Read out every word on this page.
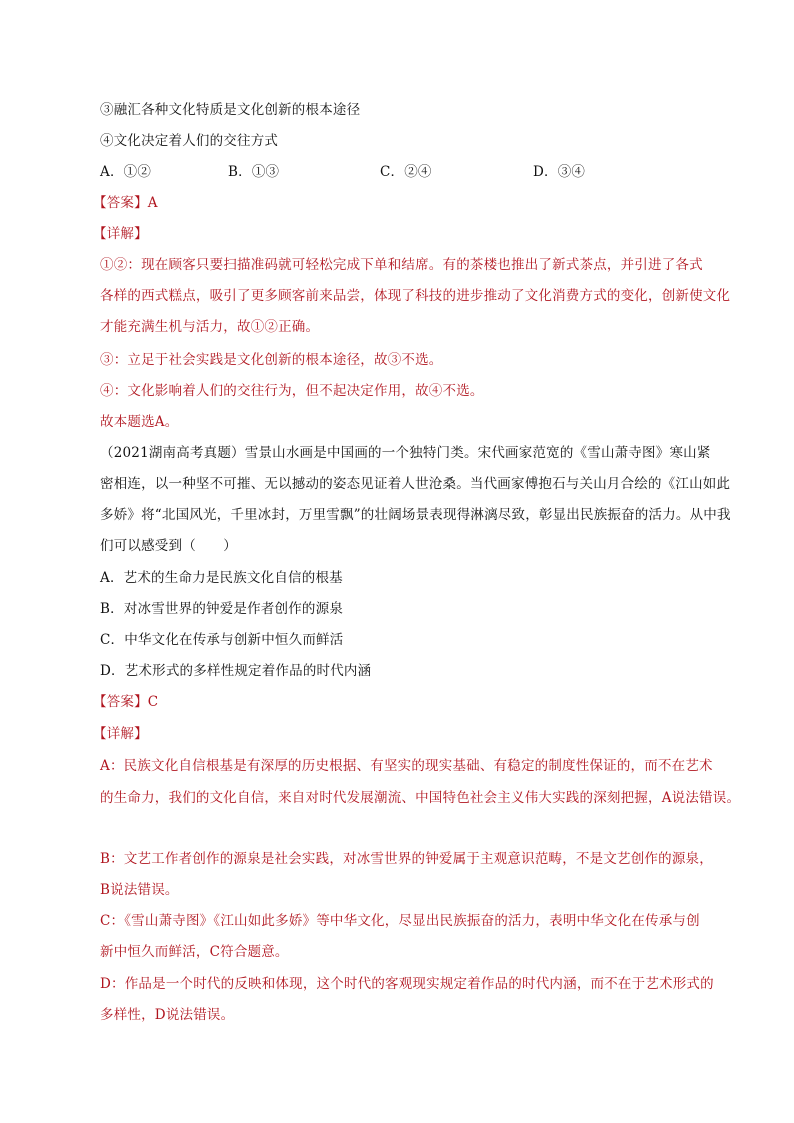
③融汇各种文化特质是文化创新的根本途径
④文化决定着人们的交往方式
A．①②	B．①③	C．②④	D．③④
【答案】A
【详解】
①②：现在顾客只要扫描准码就可轻松完成下单和结席。有的茶楼也推出了新式茶点，并引进了各式
各样的西式糕点，吸引了更多顾客前来品尝，体现了科技的进步推动了文化消费方式的变化，创新使文化
才能充满生机与活力，故①②正确。
③：立足于社会实践是文化创新的根本途径，故③不选。
④：文化影响着人们的交往行为，但不起决定作用，故④不选。
故本题选A。
（2021湖南高考真题）雪景山水画是中国画的一个独特门类。宋代画家范宽的《雪山萧寺图》寒山紧
密相连，以一种坚不可摧、无以撼动的姿态见证着人世沧桑。当代画家傅抱石与关山月合绘的《江山如此
多娇》将“北国风光，千里冰封，万里雪飘”的壮阔场景表现得淋漓尽致，彰显出民族振奋的活力。从中我
们可以感受到（　　）
A．艺术的生命力是民族文化自信的根基
B．对冰雪世界的钟爱是作者创作的源泉
C．中华文化在传承与创新中恒久而鲜活
D．艺术形式的多样性规定着作品的时代内涵
【答案】C
【详解】
A：民族文化自信根基是有深厚的历史根据、有坚实的现实基础、有稳定的制度性保证的，而不在艺术
的生命力，我们的文化自信，来自对时代发展潮流、中国特色社会主义伟大实践的深刻把握，A说法错误。
B：文艺工作者创作的源泉是社会实践，对冰雪世界的钟爱属于主观意识范畴，不是文艺创作的源泉，
B说法错误。
C：《雪山萧寺图》《江山如此多娇》等中华文化，尽显出民族振奋的活力，表明中华文化在传承与创
新中恒久而鲜活，C符合题意。
D：作品是一个时代的反映和体现，这个时代的客观现实规定着作品的时代内涵，而不在于艺术形式的
多样性，D说法错误。
